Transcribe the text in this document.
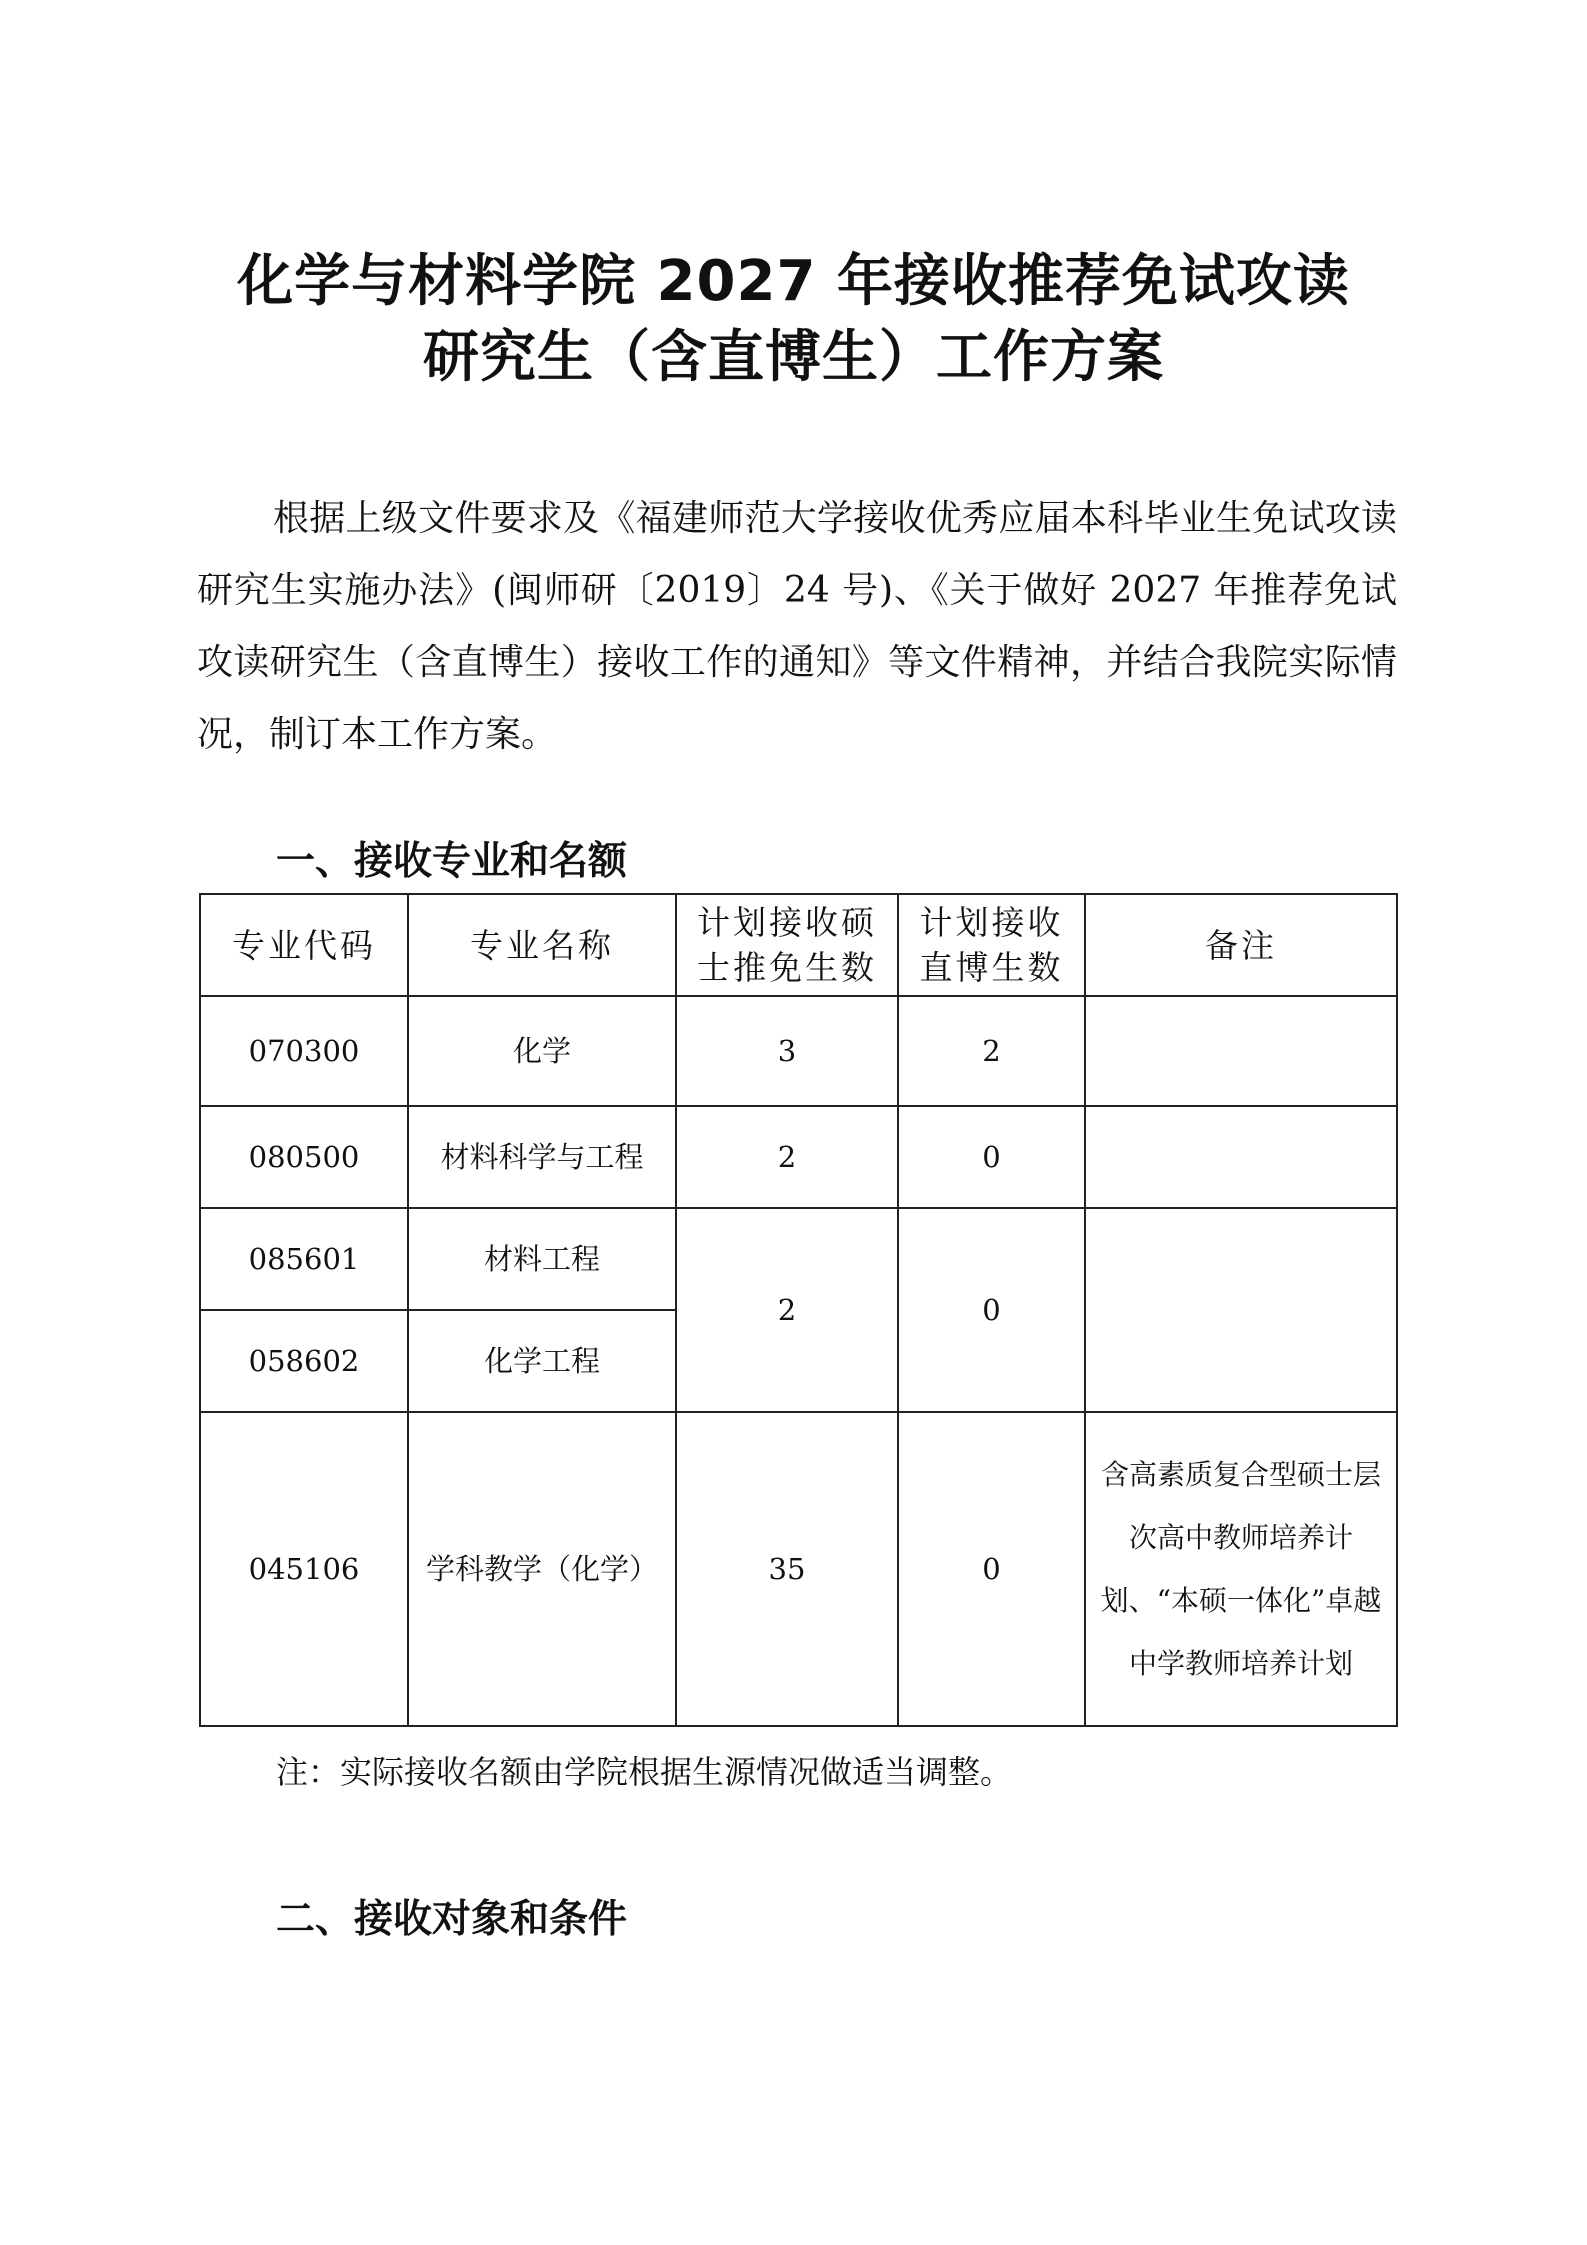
化学与材料学院 2027 年接收推荐免试攻读
研究生（含直博生）工作方案

根据上级文件要求及《福建师范大学接收优秀应届本科毕业生免试攻读研究生实施办法》(闽师研〔2019〕24 号)、《关于做好 2027 年推荐免试攻读研究生（含直博生）接收工作的通知》等文件精神，并结合我院实际情况，制订本工作方案。

一、接收专业和名额
专业代码	专业名称	计划接收硕士推免生数	计划接收直博生数	备注
070300	化学	3	2	
080500	材料科学与工程	2	0	
085601	材料工程	2	0	
058602	化学工程			
045106	学科教学（化学）	35	0	含高素质复合型硕士层次高中教师培养计划、“本硕一体化”卓越中学教师培养计划

注：实际接收名额由学院根据生源情况做适当调整。

二、接收对象和条件
